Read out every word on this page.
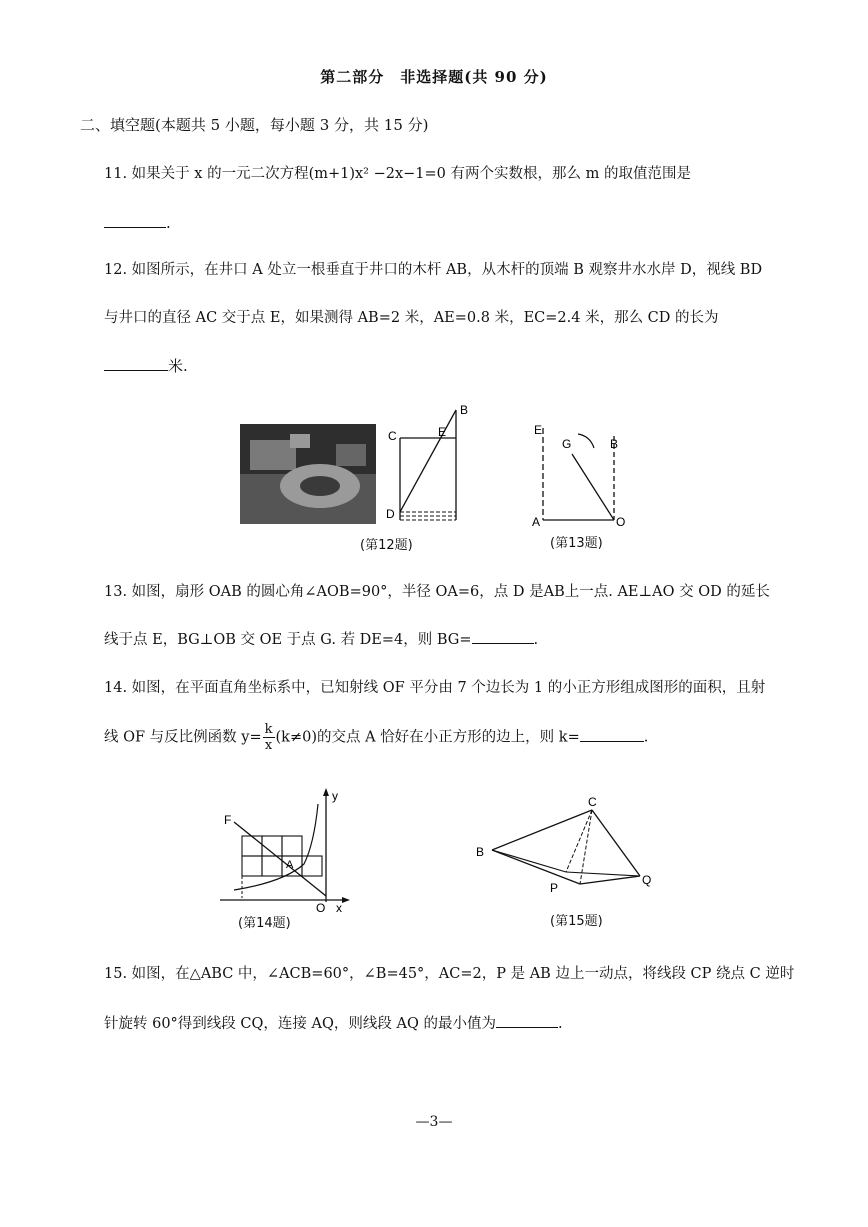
第二部分　非选择题(共 90 分)
二、填空题(本题共 5 小题，每小题 3 分，共 15 分)
11. 如果关于 x 的一元二次方程(m+1)x² −2x−1=0 有两个实数根，那么 m 的取值范围是
.
12. 如图所示，在井口 A 处立一根垂直于井口的木杆 AB，从木杆的顶端 B 观察井水水岸 D，视线 BD
与井口的直径 AC 交于点 E，如果测得 AB=2 米，AE=0.8 米，EC=2.4 米，那么 CD 的长为
米.
B
C	E
D
(第12题)
E
G	B
A	O
(第13题)
13. 如图，扇形 OAB 的圆心角∠AOB=90°，半径 OA=6，点 D 是AB上一点. AE⊥AO 交 OD 的延长
线于点 E，BG⊥OB 交 OE 于点 G. 若 DE=4，则 BG=	.
14. 如图，在平面直角坐标系中，已知射线 OF 平分由 7 个边长为 1 的小正方形组成图形的面积，且射
线 OF 与反比例函数 $y= \frac{k}{x} (k\ne 0)$的交点 A 恰好在小正方形的边上，则 k=	.
F
A
y
O x
(第14题)
C
B
P
Q
(第15题)
15. 如图，在△ABC 中，∠ACB=60°，∠B=45°，AC=2，P 是 AB 边上一动点，将线段 CP 绕点 C 逆时
针旋转 60°得到线段 CQ，连接 AQ，则线段 AQ 的最小值为	.
—3—
